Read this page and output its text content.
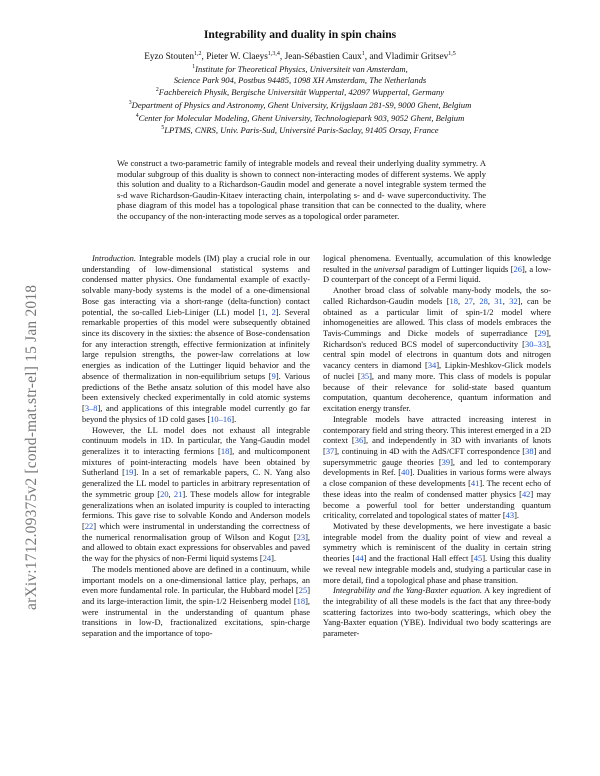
arXiv:1712.09375v2 [cond-mat.str-el] 15 Jan 2018
Integrability and duality in spin chains
Eyzo Stouten$^{1,2}$, Pieter W. Claeys$^{1,3,4}$, Jean-Sébastien Caux$^1$, and Vladimir Gritsev$^{1,5}$
$^1$Institute for Theoretical Physics, Universiteit van Amsterdam,
Science Park 904, Postbus 94485, 1098 XH Amsterdam, The Netherlands
$^2$Fachbereich Physik, Bergische Universität Wuppertal, 42097 Wuppertal, Germany
$^3$Department of Physics and Astronomy, Ghent University, Krijgslaan 281-S9, 9000 Ghent, Belgium
$^4$Center for Molecular Modeling, Ghent University, Technologiepark 903, 9052 Ghent, Belgium
$^5$LPTMS, CNRS, Univ. Paris-Sud, Université Paris-Saclay, 91405 Orsay, France
We construct a two-parametric family of integrable models and reveal their underlying duality symmetry. A modular subgroup of this duality is shown to connect non-interacting modes of different systems. We apply this solution and duality to a Richardson-Gaudin model and generate a novel integrable system termed the s-d wave Richardson-Gaudin-Kitaev interacting chain, interpolating s- and d- wave superconductivity. The phase diagram of this model has a topological phase transition that can be connected to the duality, where the occupancy of the non-interacting mode serves as a topological order parameter.

Introduction. Integrable models (IM) play a crucial role in our understanding of low-dimensional statistical systems and condensed matter physics. One fundamental example of exactly-solvable many-body systems is the model of a one-dimensional Bose gas interacting via a short-range (delta-function) contact potential, the so-called Lieb-Liniger (LL) model [1, 2]. Several remarkable properties of this model were subsequently obtained since its discovery in the sixties: the absence of Bose-condensation for any interaction strength, effective fermionization at infinitely large repulsion strengths, the power-law correlations at low energies as indication of the Luttinger liquid behavior and the absence of thermalization in non-equilibrium setups [9]. Various predictions of the Bethe ansatz solution of this model have also been extensively checked experimentally in cold atomic systems [3–8], and applications of this integrable model currently go far beyond the physics of 1D cold gases [10–16].

However, the LL model does not exhaust all integrable continuum models in 1D. In particular, the Yang-Gaudin model generalizes it to interacting fermions [18], and multicomponent mixtures of point-interacting models have been obtained by Sutherland [19]. In a set of remarkable papers, C. N. Yang also generalized the LL model to particles in arbitrary representation of the symmetric group [20, 21]. These models allow for integrable generalizations when an isolated impurity is coupled to interacting fermions. This gave rise to solvable Kondo and Anderson models [22] which were instrumental in understanding the correctness of the numerical renormalisation group of Wilson and Kogut [23], and allowed to obtain exact expressions for observables and paved the way for the physics of non-Fermi liquid systems [24].

The models mentioned above are defined in a continuum, while important models on a one-dimensional lattice play, perhaps, an even more fundamental role. In particular, the Hubbard model [25] and its large-interaction limit, the spin-1/2 Heisenberg model [18], were instrumental in the understanding of quantum phase transitions in low-D, fractionalized excitations, spin-charge separation and the importance of topo-

logical phenomena. Eventually, accumulation of this knowledge resulted in the universal paradigm of Luttinger liquids [26], a low-D counterpart of the concept of a Fermi liquid.

Another broad class of solvable many-body models, the so-called Richardson-Gaudin models [18, 27, 28, 31, 32], can be obtained as a particular limit of spin-1/2 model where inhomogeneities are allowed. This class of models embraces the Tavis-Cummings and Dicke models of superradiance [29], Richardson's reduced BCS model of superconductivity [30–33], central spin model of electrons in quantum dots and nitrogen vacancy centers in diamond [34], Lipkin-Meshkov-Glick models of nuclei [35], and many more. This class of models is popular because of their relevance for solid-state based quantum computation, quantum decoherence, quantum information and excitation energy transfer.

Integrable models have attracted increasing interest in contemporary field and string theory. This interest emerged in a 2D context [36], and independently in 3D with invariants of knots [37], continuing in 4D with the AdS/CFT correspondence [38] and supersymmetric gauge theories [39], and led to contemporary developments in Ref. [40]. Dualities in various forms were always a close companion of these developments [41]. The recent echo of these ideas into the realm of condensed matter physics [42] may become a powerful tool for better understanding quantum criticality, correlated and topological states of matter [43].

Motivated by these developments, we here investigate a basic integrable model from the duality point of view and reveal a symmetry which is reminiscent of the duality in certain string theories [44] and the fractional Hall effect [45]. Using this duality we reveal new integrable models and, studying a particular case in more detail, find a topological phase and phase transition.

Integrability and the Yang-Baxter equation. A key ingredient of the integrability of all these models is the fact that any three-body scattering factorizes into two-body scatterings, which obey the Yang-Baxter equation (YBE). Individual two body scatterings are parameter-
